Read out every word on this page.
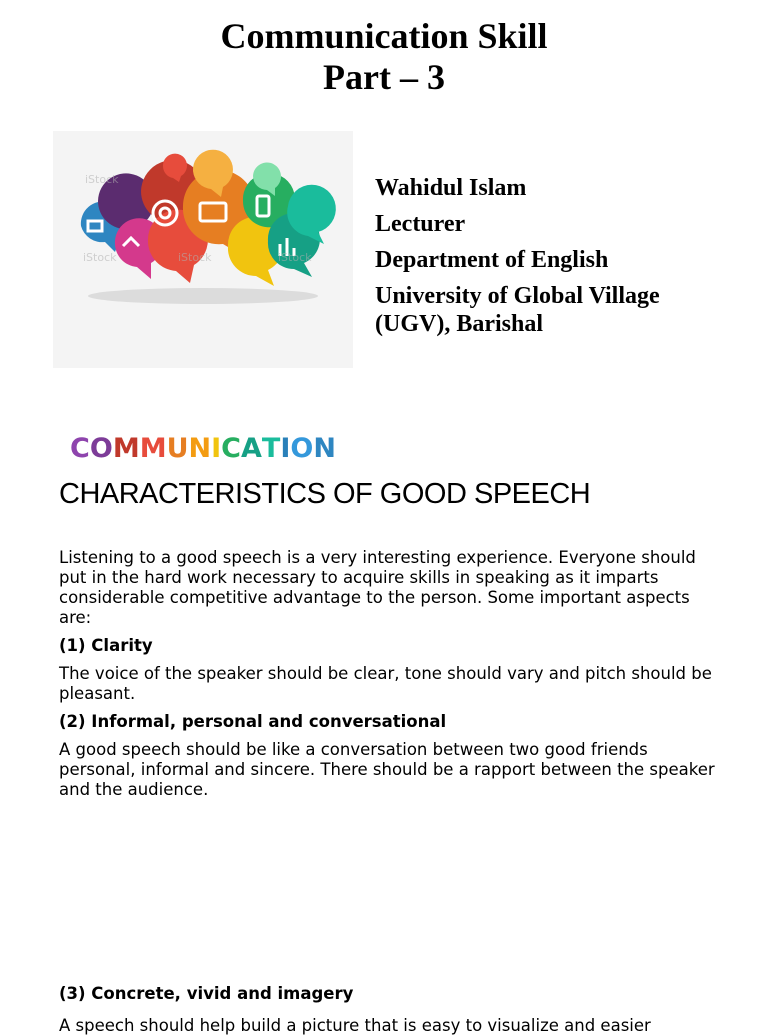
Communication Skill
Part – 3
iStock
iStock	iStock
iStock
COMMUNICATION
Wahidul Islam
Lecturer
Department of English
University of Global Village
(UGV), Barishal
CHARACTERISTICS OF GOOD SPEECH

Listening to a good speech is a very interesting experience. Everyone should put in the hard work necessary to acquire skills in speaking as it imparts considerable competitive advantage to the person. Some important aspects are:

(1) Clarity

The voice of the speaker should be clear, tone should vary and pitch should be pleasant.

(2) Informal, personal and conversational

A good speech should be like a conversation between two good friends personal, informal and sincere. There should be a rapport between the speaker and the audience.

(3) Concrete, vivid and imagery

A speech should help build a picture that is easy to visualize and easier
